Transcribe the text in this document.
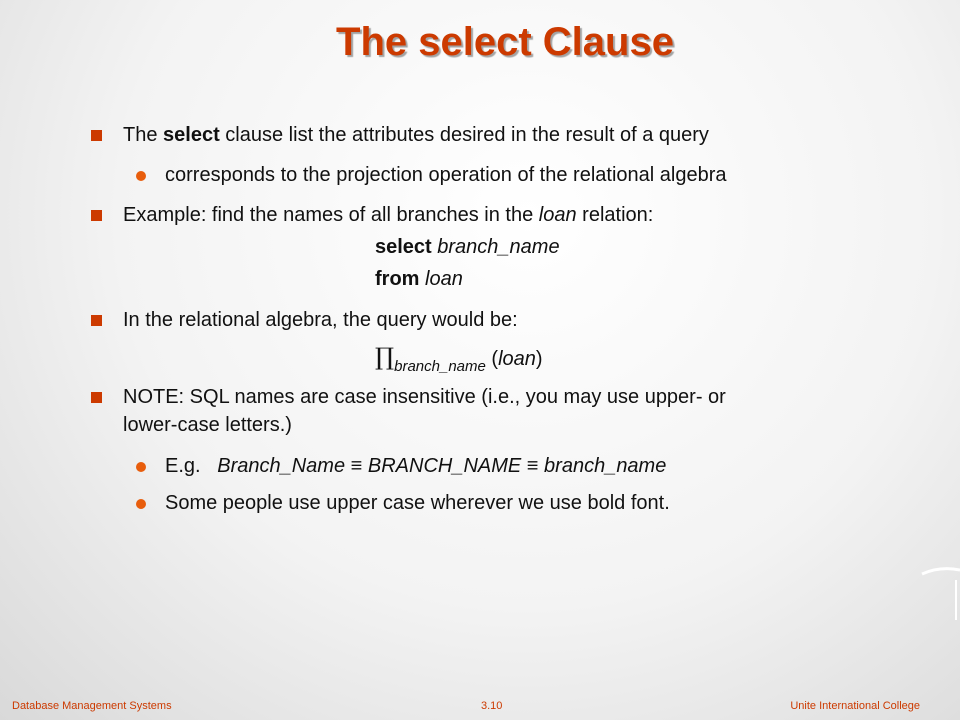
The select Clause
The select clause list the attributes desired in the result of a query
corresponds to the projection operation of the relational algebra
Example: find the names of all branches in the loan relation:
select branch_name
from loan
In the relational algebra, the query would be:
$\prod_{branch\_name}$ (loan)
NOTE: SQL names are case insensitive (i.e., you may use upper- or
lower-case letters.)
E.g.   Branch_Name ≡ BRANCH_NAME ≡ branch_name
Some people use upper case wherever we use bold font.
Database Management Systems	3.10	Unite International College
